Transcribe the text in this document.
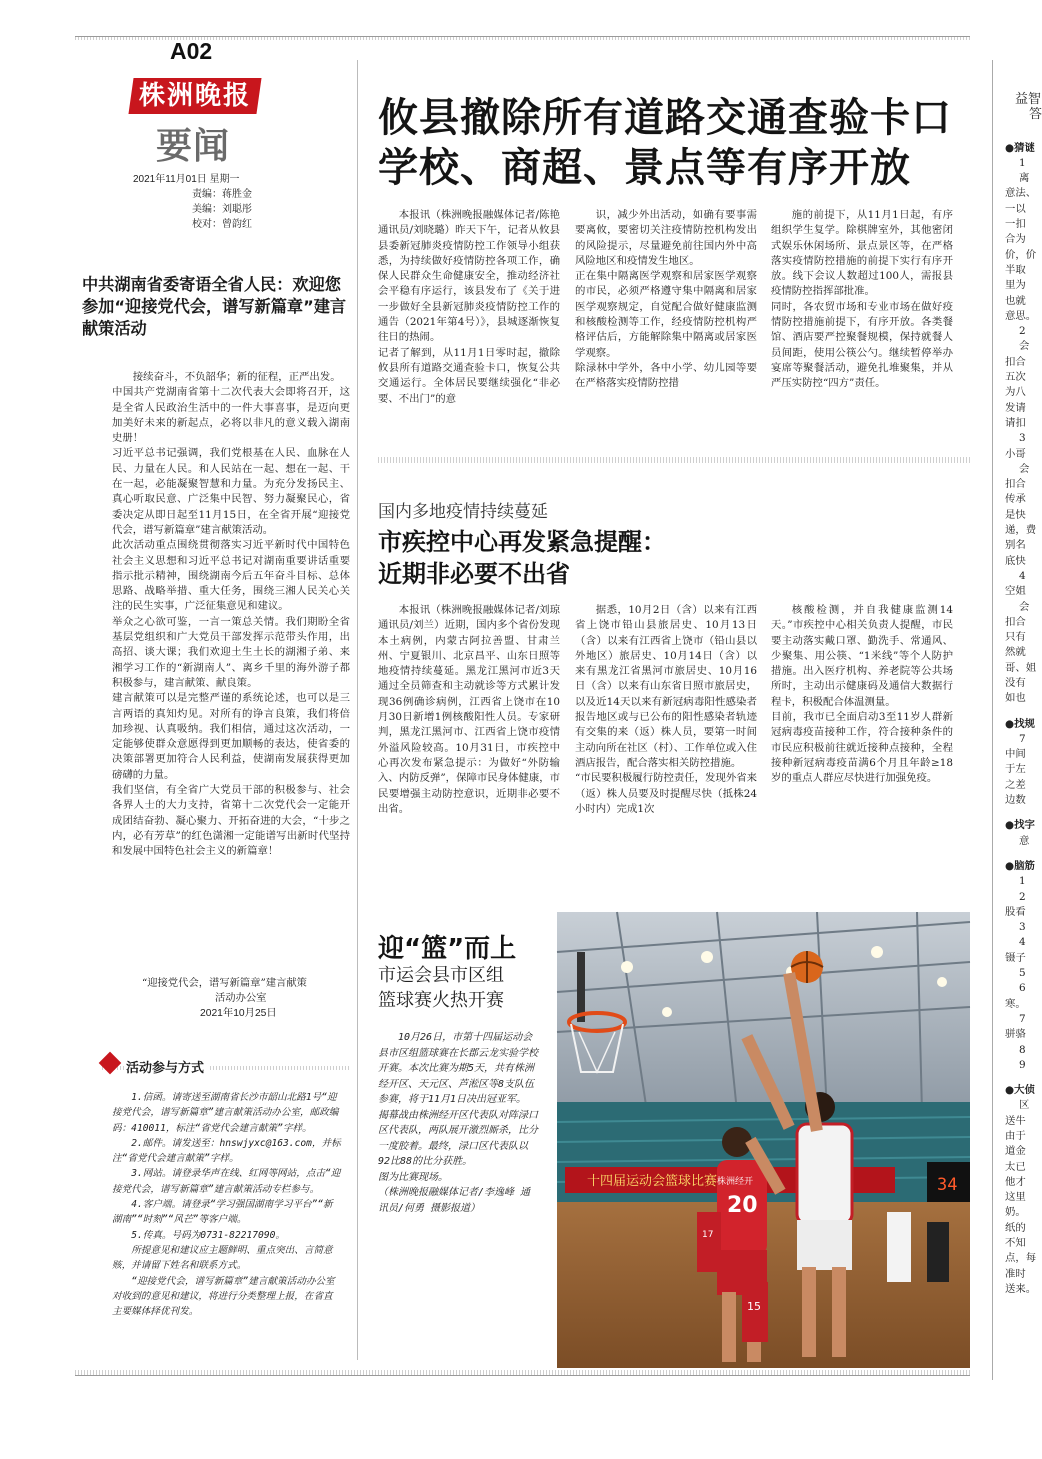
A02
株洲晚报
要闻
2021年11月01日 星期一
责编：蒋胜金
美编：刘聪彤
校对：曾韵红
攸县撤除所有道路交通查验卡口
学校、商超、景点等有序开放
本报讯（株洲晚报融媒体记者/陈艳 通讯员/刘晓璐）昨天下午，记者从攸县县委新冠肺炎疫情防控工作领导小组获悉，为持续做好疫情防控各项工作，确保人民群众生命健康安全，推动经济社会平稳有序运行，该县发布了《关于进一步做好全县新冠肺炎疫情防控工作的通告（2021年第4号）》，县城逐渐恢复往日的热闹。
记者了解到，从11月1日零时起，撤除攸县所有道路交通查验卡口，恢复公共交通运行。全体居民要继续强化“非必要、不出门”的意
识，减少外出活动，如确有要事需要离攸，要密切关注疫情防控机构发出的风险提示，尽量避免前往国内外中高风险地区和疫情发生地区。
正在集中隔离医学观察和居家医学观察的市民，必须严格遵守集中隔离和居家医学观察规定，自觉配合做好健康监测和核酸检测等工作，经疫情防控机构严格评估后，方能解除集中隔离或居家医学观察。
除渌林中学外，各中小学、幼儿园等要在严格落实疫情防控措
施的前提下，从11月1日起，有序组织学生复学。除棋牌室外，其他密闭式娱乐休闲场所、景点景区等，在严格落实疫情防控措施的前提下实行有序开放。线下会议人数超过100人，需报县疫情防控指挥部批准。
同时，各农贸市场和专业市场在做好疫情防控措施前提下，有序开放。各类餐馆、酒店要严控聚餐规模，保持就餐人员间距，使用公筷公勺。继续暂停举办宴席等聚餐活动，避免扎堆聚集，并从严压实防控“四方”责任。
国内多地疫情持续蔓延
市疾控中心再发紧急提醒：
近期非必要不出省
本报讯（株洲晚报融媒体记者/刘琼 通讯员/刘兰）近期，国内多个省份发现本土病例，内蒙古阿拉善盟、甘肃兰州、宁夏银川、北京昌平、山东日照等地疫情持续蔓延。黑龙江黑河市近3天通过全员筛查和主动就诊等方式累计发现36例确诊病例，江西省上饶市在10月30日新增1例核酸阳性人员。专家研判，黑龙江黑河市、江西省上饶市疫情外溢风险较高。10月31日，市疾控中心再次发布紧急提示：为做好“外防输入、内防反弹”，保障市民身体健康，市民要增强主动防控意识，近期非必要不出省。
据悉，10月2日（含）以来有江西省上饶市铅山县旅居史、10月13日（含）以来有江西省上饶市（铅山县以外地区）旅居史、10月14日（含）以来有黑龙江省黑河市旅居史、10月16日（含）以来有山东省日照市旅居史，以及近14天以来有新冠病毒阳性感染者报告地区或与已公布的阳性感染者轨迹有交集的来（返）株人员，要第一时间主动向所在社区（村）、工作单位或入住酒店报告，配合落实相关防控措施。
“市民要积极履行防控责任，发现外省来（返）株人员要及时提醒尽快（抵株24小时内）完成1次
核酸检测，并自我健康监测14天。”市疾控中心相关负责人提醒，市民要主动落实戴口罩、勤洗手、常通风、少聚集、用公筷、“1米线”等个人防护措施。出入医疗机构、养老院等公共场所时，主动出示健康码及通信大数据行程卡，积极配合体温测量。
目前，我市已全面启动3至11岁人群新冠病毒疫苗接种工作，符合接种条件的市民应积极前往就近接种点接种，全程接种新冠病毒疫苗满6个月且年龄≥18岁的重点人群应尽快进行加强免疫。
迎“篮”而上
市运会县市区组
篮球赛火热开赛
10月26日，市第十四届运动会县市区组篮球赛在长郡云龙实验学校开赛。本次比赛为期5天，共有株洲经开区、天元区、芦淞区等8支队伍参赛，将于11月1日决出冠亚军。
揭幕战由株洲经开区代表队对阵渌口区代表队，两队展开激烈厮杀，比分一度胶着。最终，渌口区代表队以92比88的比分获胜。
图为比赛现场。
（株洲晚报融媒体记者/李逸峰 通讯员/何勇 摄影报道）
十四届运动会篮球比赛	34
20
株洲经开
17
15
中共湖南省委寄语全省人民：欢迎您参加“迎接党代会，谱写新篇章”建言献策活动
接续奋斗，不负韶华；新的征程，正严出发。
中国共产党湖南省第十二次代表大会即将召开，这是全省人民政治生活中的一件大事喜事，是迈向更加美好未来的新起点，必将以非凡的意义载入湖南史册！
习近平总书记强调，我们党根基在人民、血脉在人民、力量在人民。和人民站在一起、想在一起、干在一起，必能凝聚智慧和力量。为充分发扬民主、真心听取民意、广泛集中民智、努力凝聚民心，省委决定从即日起至11月15日，在全省开展“迎接党代会，谱写新篇章”建言献策活动。
此次活动重点围绕贯彻落实习近平新时代中国特色社会主义思想和习近平总书记对湖南重要讲话重要指示批示精神，围绕湖南今后五年奋斗目标、总体思路、战略举措、重大任务，围绕三湘人民关心关注的民生实事，广泛征集意见和建议。
举众之心欲可鉴，一言一策总关情。我们期盼全省基层党组织和广大党员干部发挥示范带头作用，出高招、谈大课；我们欢迎土生土长的湖湘子弟、来湘学习工作的“新湖南人”、离乡千里的海外游子都积极参与，建言献策、献良策。
建言献策可以是完整严谨的系统论述，也可以是三言两语的真知灼见。对所有的诤言良策，我们将倍加珍视、认真吸纳。我们相信，通过这次活动，一定能够使群众意愿得到更加顺畅的表达，使省委的决策部署更加符合人民利益，使湖南发展获得更加磅礴的力量。
我们坚信，有全省广大党员干部的积极参与、社会各界人士的大力支持，省第十二次党代会一定能开成团结奋勃、凝心聚力、开拓奋进的大会，“十步之内，必有芳草”的红色潇湘一定能谱写出新时代坚持和发展中国特色社会主义的新篇章！
“迎接党代会，谱写新篇章”建言献策
活动办公室
2021年10月25日
活动参与方式
1.信函。请寄送至湖南省长沙市韶山北路1号“迎接党代会，谱写新篇章”建言献策活动办公室，邮政编码：410011，标注“省党代会建言献策”字样。
2.邮件。请发送至：hnswjyxc@163.com，并标注“省党代会建言献策”字样。
3.网站。请登录华声在线、红网等网站，点击“迎接党代会，谱写新篇章”建言献策活动专栏参与。
4.客户端。请登录“学习强国湖南学习平台”“新湖南”“时刻”“风芒”等客户端。
5.传真。号码为0731-82217090。
所提意见和建议应主题鲜明、重点突出、言简意赅，并请留下姓名和联系方式。
“迎接党代会，谱写新篇章”建言献策活动办公室对收到的意见和建议，将进行分类整理上报，在省直主要媒体择优刊发。
益智
答
●猜谜
1
离
意法、
一以
一扣
合为
价，价
半取
里为
也就
意思。
2
会
扣合
五次
为八
发请
请扣
3
小哥
会
扣合
传承
是快
递，费
别名
底快
4
空姐
会
扣合
只有
然就
哥、姐
没有
如也
●找规
7
中间
于左
之差
边数
●找字
意
●脑筋
1
2
股看
3
4
镊子
5
6
寒。
7
骈骆
8
9
●大侦
区
送牛
由于
道金
太已
他才
这里
奶。
纸的
不知
点，每
准时
送来。
